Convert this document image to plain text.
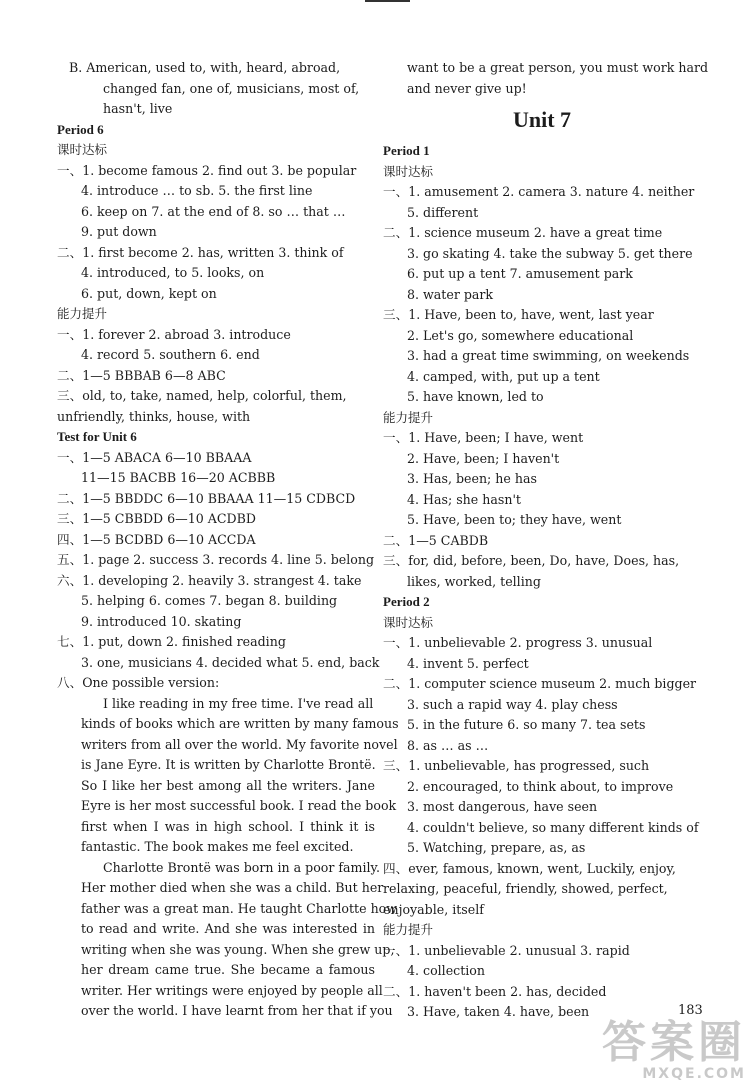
B. American, used to, with, heard, abroad,
changed fan, one of, musicians, most of,
hasn't, live
Period 6
课时达标
一、1. become famous 2. find out 3. be popular
4. introduce … to sb. 5. the first line
6. keep on 7. at the end of 8. so … that …
9. put down
二、1. first become 2. has, written 3. think of
4. introduced, to 5. looks, on
6. put, down, kept on
能力提升
一、1. forever 2. abroad 3. introduce
4. record 5. southern 6. end
二、1—5 BBBAB 6—8 ABC
三、old, to, take, named, help, colorful, them,
unfriendly, thinks, house, with
Test for Unit 6
一、1—5 ABACA 6—10 BBAAA
11—15 BACBB 16—20 ACBBB
二、1—5 BBDDC 6—10 BBAAA 11—15 CDBCD
三、1—5 CBBDD 6—10 ACDBD
四、1—5 BCDBD 6—10 ACCDA
五、1. page 2. success 3. records 4. line 5. belong
六、1. developing 2. heavily 3. strangest 4. take
5. helping 6. comes 7. began 8. building
9. introduced 10. skating
七、1. put, down 2. finished reading
3. one, musicians 4. decided what 5. end, back
八、One possible version:
I like reading in my free time. I've read all
kinds of books which are written by many famous
writers from all over the world. My favorite novel
is Jane Eyre. It is written by Charlotte Brontë.
So I like her best among all the writers. Jane
Eyre is her most successful book. I read the book
first when I was in high school. I think it is
fantastic. The book makes me feel excited.
Charlotte Brontë was born in a poor family.
Her mother died when she was a child. But her
father was a great man. He taught Charlotte how
to read and write. And she was interested in
writing when she was young. When she grew up,
her dream came true. She became a famous
writer. Her writings were enjoyed by people all
over the world. I have learnt from her that if you
want to be a great person, you must work hard
and never give up!
Unit 7
Period 1
课时达标
一、1. amusement 2. camera 3. nature 4. neither
5. different
二、1. science museum 2. have a great time
3. go skating 4. take the subway 5. get there
6. put up a tent 7. amusement park
8. water park
三、1. Have, been to, have, went, last year
2. Let's go, somewhere educational
3. had a great time swimming, on weekends
4. camped, with, put up a tent
5. have known, led to
能力提升
一、1. Have, been; I have, went
2. Have, been; I haven't
3. Has, been; he has
4. Has; she hasn't
5. Have, been to; they have, went
二、1—5 CABDB
三、for, did, before, been, Do, have, Does, has,
likes, worked, telling
Period 2
课时达标
一、1. unbelievable 2. progress 3. unusual
4. invent 5. perfect
二、1. computer science museum 2. much bigger
3. such a rapid way 4. play chess
5. in the future 6. so many 7. tea sets
8. as … as …
三、1. unbelievable, has progressed, such
2. encouraged, to think about, to improve
3. most dangerous, have seen
4. couldn't believe, so many different kinds of
5. Watching, prepare, as, as
四、ever, famous, known, went, Luckily, enjoy,
relaxing, peaceful, friendly, showed, perfect,
enjoyable, itself
能力提升
一、1. unbelievable 2. unusual 3. rapid
4. collection
二、1. haven't been 2. has, decided
3. Have, taken 4. have, been	183
答案圈
MXQE.COM
